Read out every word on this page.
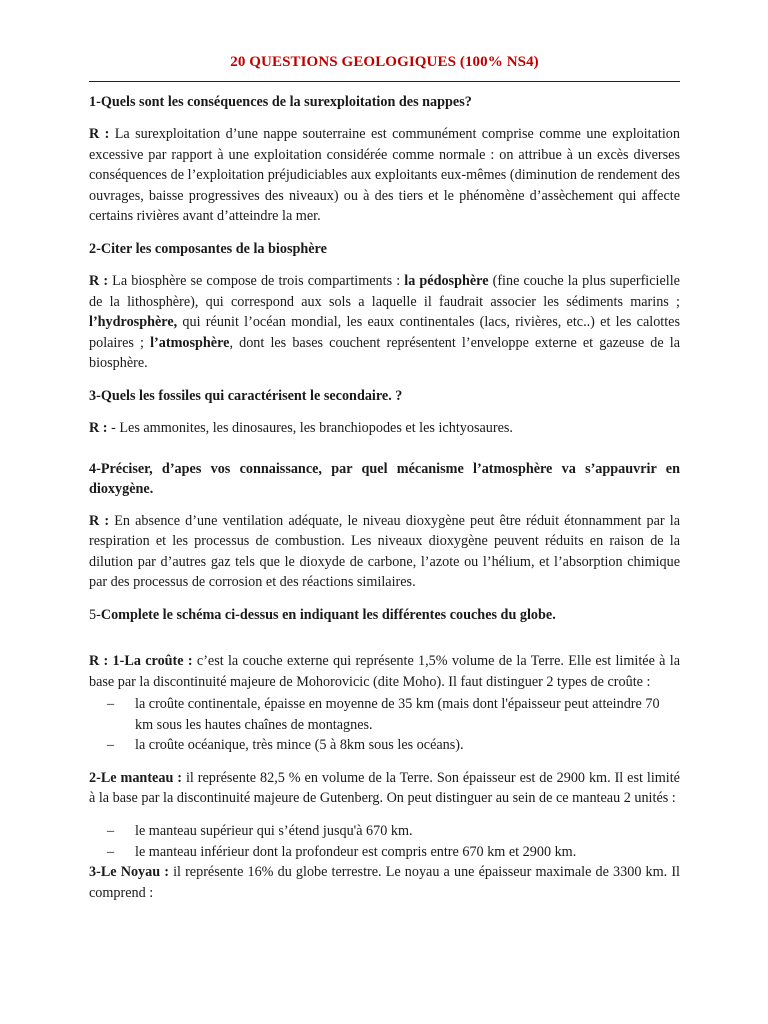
20 QUESTIONS GEOLOGIQUES (100% NS4)

1-Quels sont les conséquences de la surexploitation des nappes?

R : La surexploitation d’une nappe souterraine est communément comprise comme une exploitation excessive par rapport à une exploitation considérée comme normale : on attribue à un excès diverses conséquences de l’exploitation préjudiciables aux exploitants eux-mêmes (diminution de rendement des ouvrages, baisse progressives des niveaux) ou à des tiers et le phénomène d’assèchement qui affecte certains rivières avant d’atteindre la mer.

2-Citer les composantes de la biosphère

R : La biosphère se compose de trois compartiments : la pédosphère (fine couche la plus superficielle de la lithosphère), qui correspond aux sols a laquelle il faudrait associer les sédiments marins ; l’hydrosphère, qui réunit l’océan mondial, les eaux continentales (lacs, rivières, etc..) et les calottes polaires ; l’atmosphère, dont les bases couchent représentent l’enveloppe externe et gazeuse de la biosphère.

3-Quels les fossiles qui caractérisent le secondaire. ?

R : - Les ammonites, les dinosaures, les branchiopodes et les ichtyosaures.

4-Préciser, d’apes vos connaissance, par quel mécanisme l’atmosphère va s’appauvrir en dioxygène.

R : En absence d’une ventilation adéquate, le niveau dioxygène peut être réduit étonnamment par la respiration et les processus de combustion. Les niveaux dioxygène peuvent réduits en raison de la dilution par d’autres gaz tels que le dioxyde de carbone, l’azote ou l’hélium, et l’absorption chimique par des processus de corrosion et des réactions similaires.

5-Complete le schéma ci-dessus en indiquant les différentes couches du globe.

R : 1-La croûte : c’est la couche externe qui représente 1,5% volume de la Terre. Elle est limitée à la base par la discontinuité majeure de Mohorovicic (dite Moho). Il faut distinguer 2 types de croûte :

– la croûte continentale, épaisse en moyenne de 35 km (mais dont l'épaisseur peut atteindre 70 km sous les hautes chaînes de montagnes.
– la croûte océanique, très mince (5 à 8km sous les océans).

2-Le manteau : il représente 82,5 % en volume de la Terre. Son épaisseur est de 2900 km. Il est limité à la base par la discontinuité majeure de Gutenberg. On peut distinguer au sein de ce manteau 2 unités :

– le manteau supérieur qui s’étend jusqu'à 670 km.
– le manteau inférieur dont la profondeur est compris entre 670 km et 2900 km.

3-Le Noyau : il représente 16% du globe terrestre. Le noyau a une épaisseur maximale de 3300 km. Il comprend :
